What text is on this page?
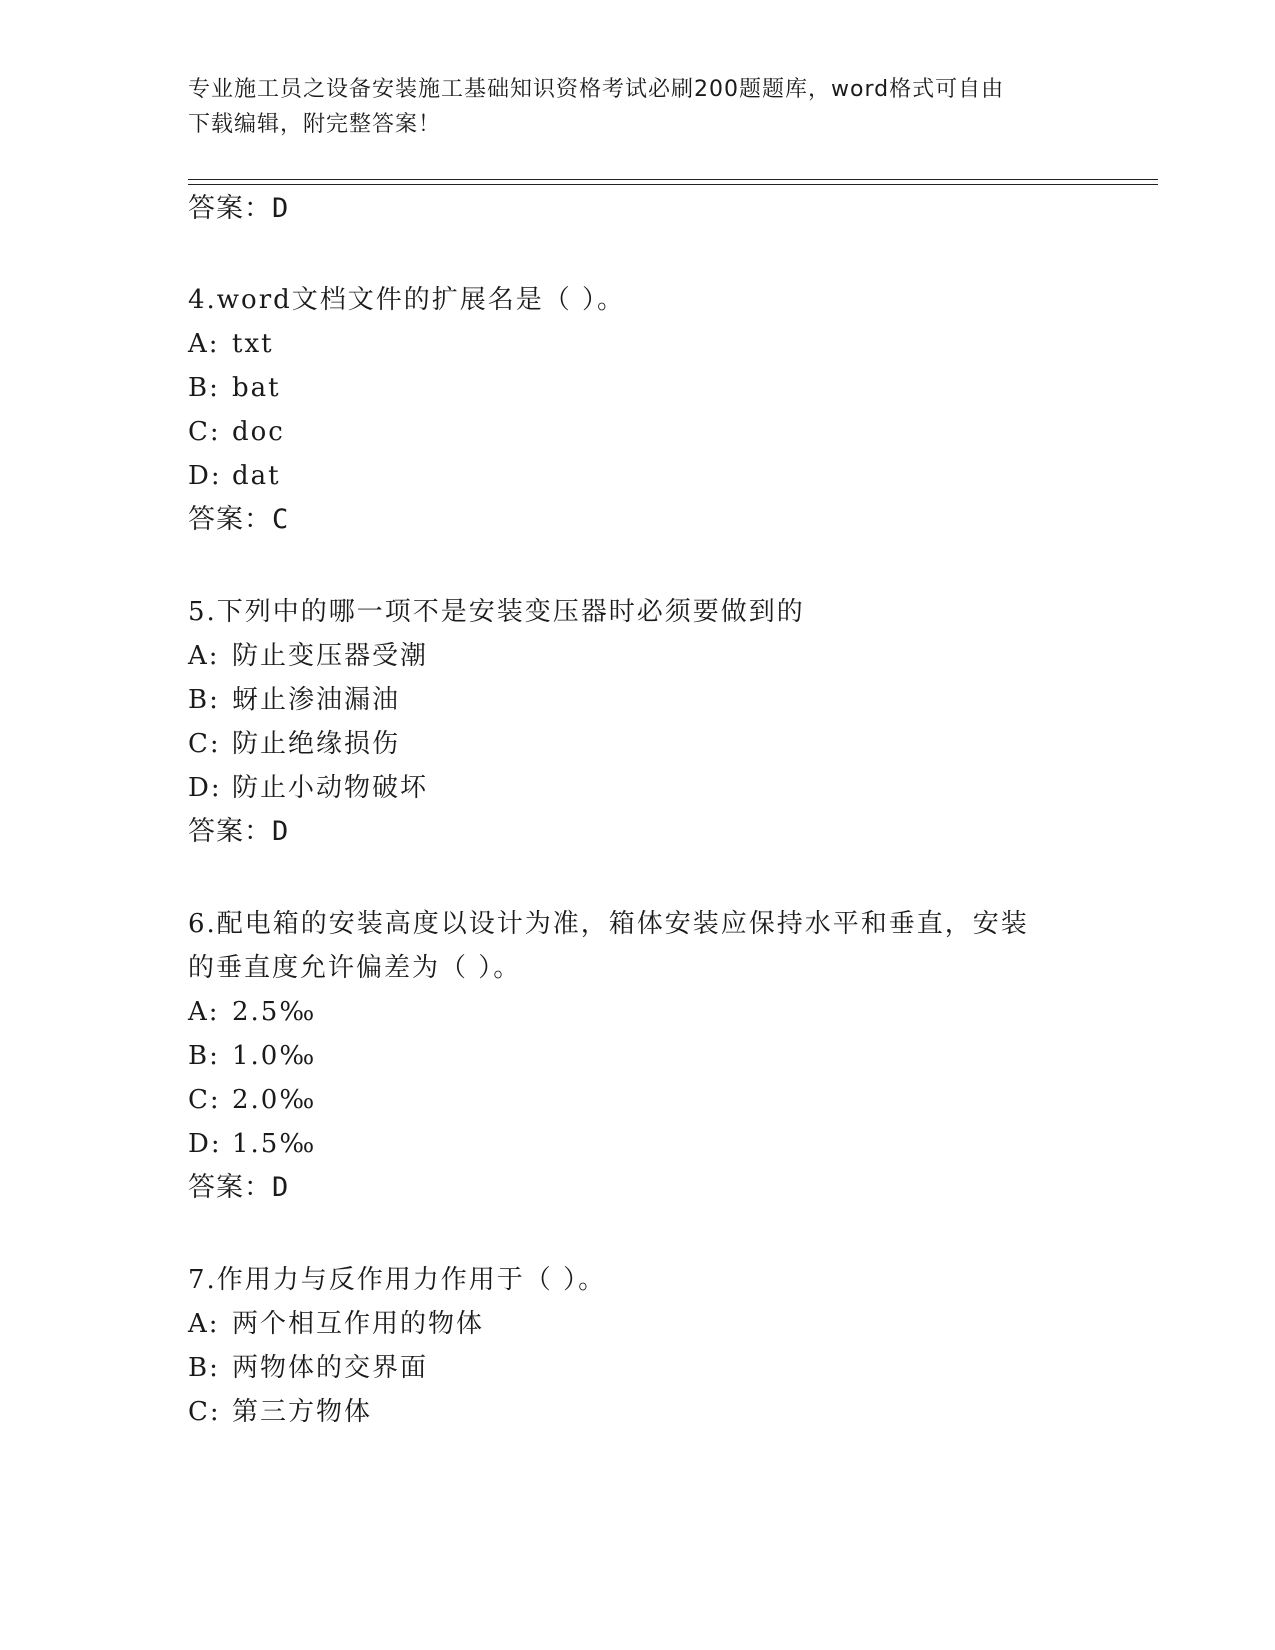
专业施工员之设备安装施工基础知识资格考试必刷200题题库，word格式可自由
下载编辑，附完整答案！
答案：D
4.word文档文件的扩展名是（ ）。
A: txt
B: bat
C: doc
D: dat
答案：C
5.下列中的哪一项不是安装变压器时必须要做到的
A: 防止变压器受潮
B: 蚜止渗油漏油
C: 防止绝缘损伤
D: 防止小动物破坏
答案：D
6.配电箱的安装高度以设计为准，箱体安装应保持水平和垂直，安装
的垂直度允许偏差为（ ）。
A: 2.5‰
B: 1.0‰
C: 2.0‰
D: 1.5‰
答案：D
7.作用力与反作用力作用于（ ）。
A: 两个相互作用的物体
B: 两物体的交界面
C: 第三方物体
